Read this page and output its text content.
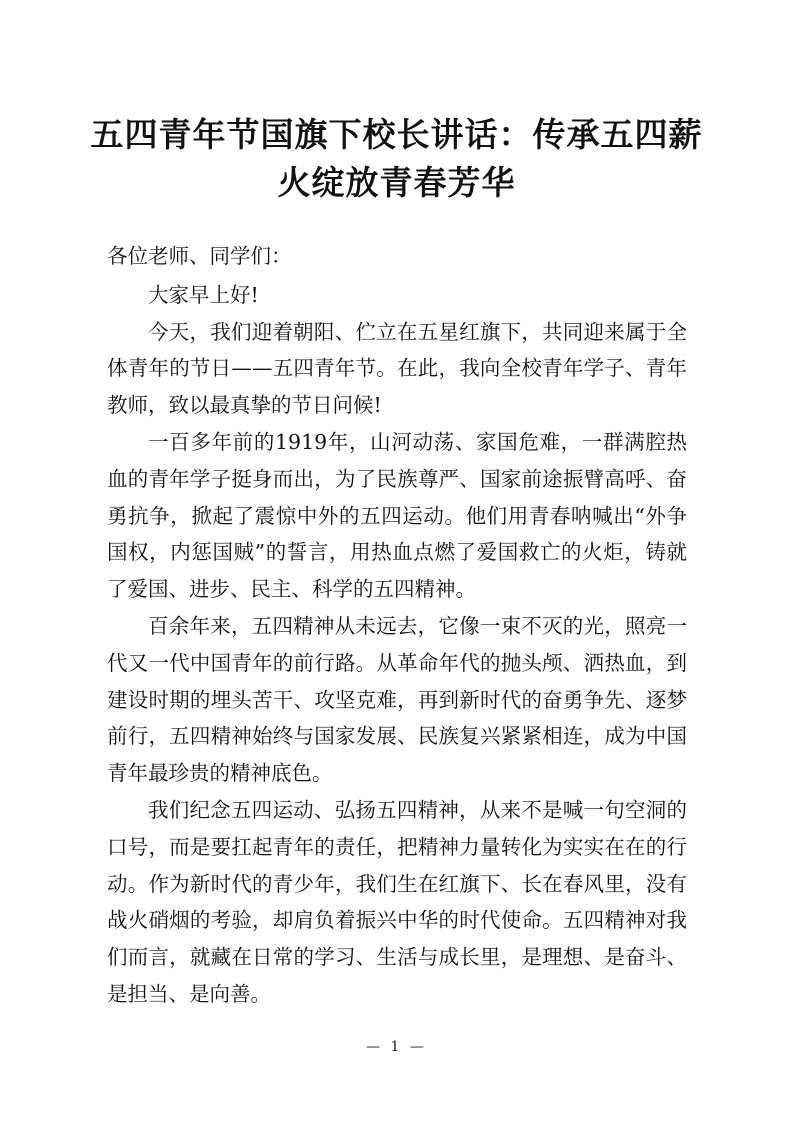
五四青年节国旗下校长讲话：传承五四薪
火绽放青春芳华

各位老师、同学们：

大家早上好!

今天，我们迎着朝阳、伫立在五星红旗下，共同迎来属于全体青年的节日——五四青年节。在此，我向全校青年学子、青年教师，致以最真挚的节日问候!

一百多年前的1919年，山河动荡、家国危难，一群满腔热血的青年学子挺身而出，为了民族尊严、国家前途振臂高呼、奋勇抗争，掀起了震惊中外的五四运动。他们用青春呐喊出“外争国权，内惩国贼”的誓言，用热血点燃了爱国救亡的火炬，铸就了爱国、进步、民主、科学的五四精神。

百余年来，五四精神从未远去，它像一束不灭的光，照亮一代又一代中国青年的前行路。从革命年代的抛头颅、洒热血，到建设时期的埋头苦干、攻坚克难，再到新时代的奋勇争先、逐梦前行，五四精神始终与国家发展、民族复兴紧紧相连，成为中国青年最珍贵的精神底色。

我们纪念五四运动、弘扬五四精神，从来不是喊一句空洞的口号，而是要扛起青年的责任，把精神力量转化为实实在在的行动。作为新时代的青少年，我们生在红旗下、长在春风里，没有战火硝烟的考验，却肩负着振兴中华的时代使命。五四精神对我们而言，就藏在日常的学习、生活与成长里，是理想、是奋斗、是担当、是向善。

— 1 —
